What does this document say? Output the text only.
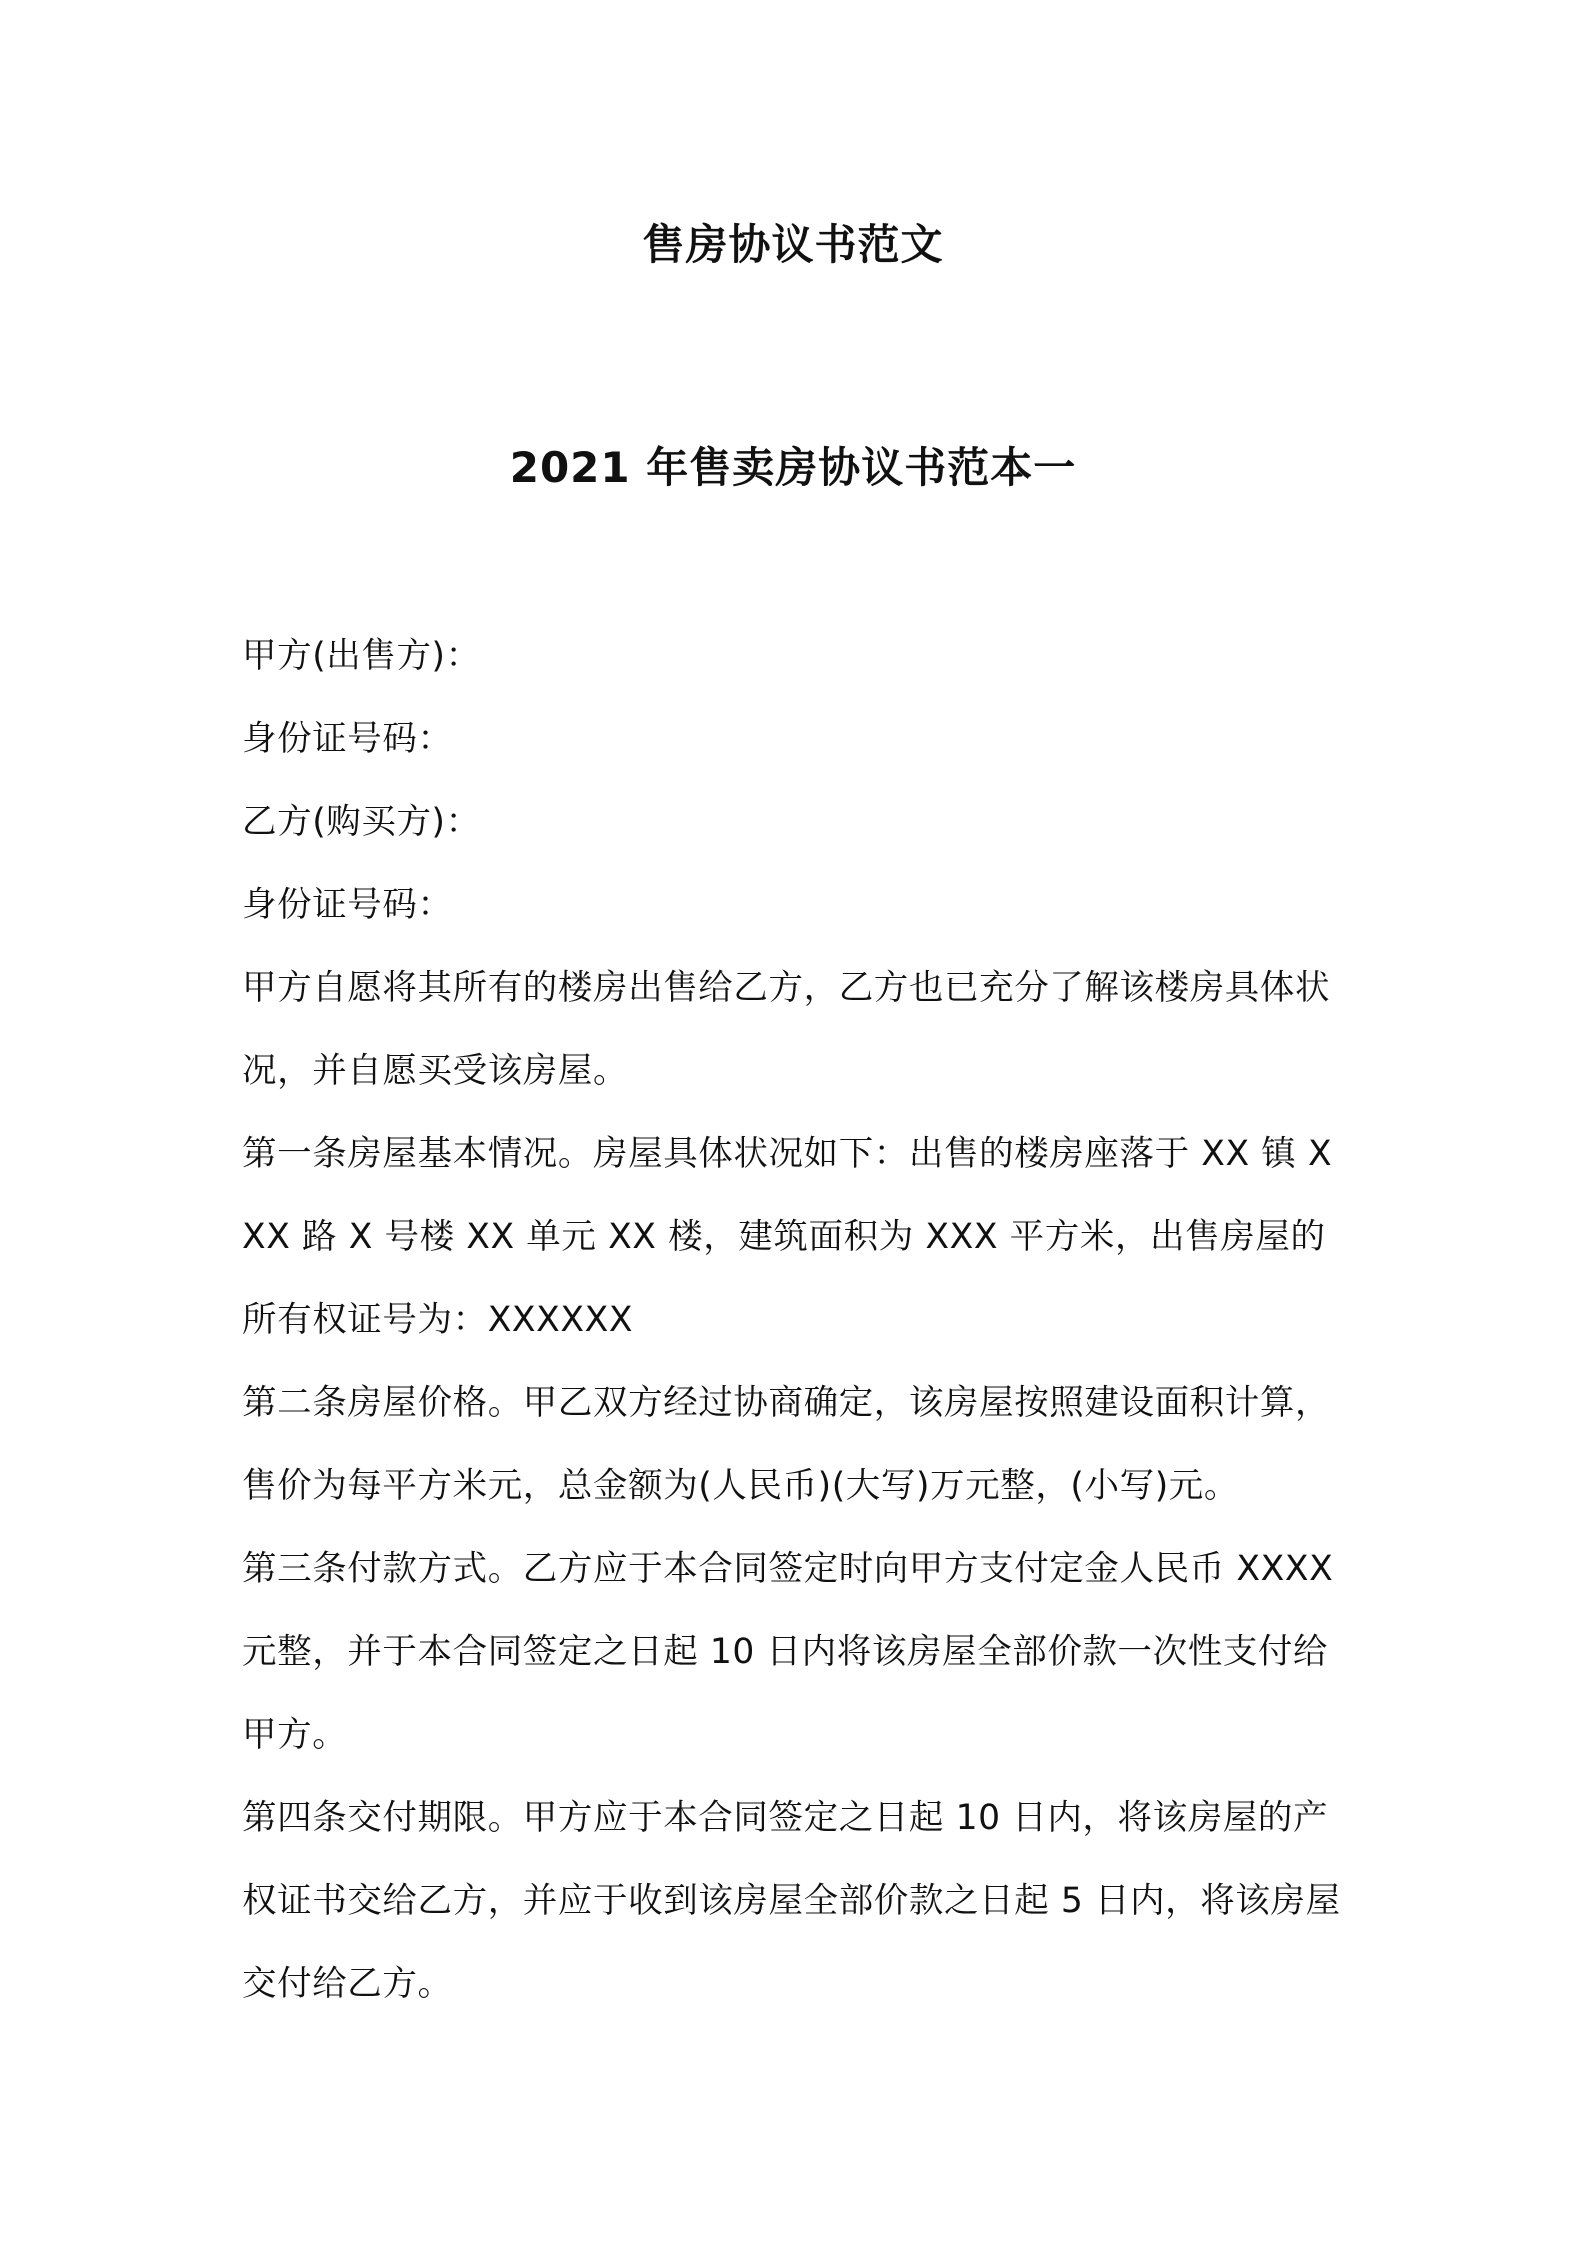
售房协议书范文
2021 年售卖房协议书范本一

甲方(出售方)：

身份证号码：

乙方(购买方)：

身份证号码：

甲方自愿将其所有的楼房出售给乙方，乙方也已充分了解该楼房具体状况，并自愿买受该房屋。

第一条房屋基本情况。房屋具体状况如下：出售的楼房座落于 XX 镇 XXX 路 X 号楼 XX 单元 XX 楼，建筑面积为 XXX 平方米，出售房屋的所有权证号为：XXXXXX

第二条房屋价格。甲乙双方经过协商确定，该房屋按照建设面积计算，售价为每平方米元，总金额为(人民币)(大写)万元整，(小写)元。

第三条付款方式。乙方应于本合同签定时向甲方支付定金人民币 XXXX 元整，并于本合同签定之日起 10 日内将该房屋全部价款一次性支付给甲方。

第四条交付期限。甲方应于本合同签定之日起 10 日内，将该房屋的产权证书交给乙方，并应于收到该房屋全部价款之日起 5 日内，将该房屋交付给乙方。
